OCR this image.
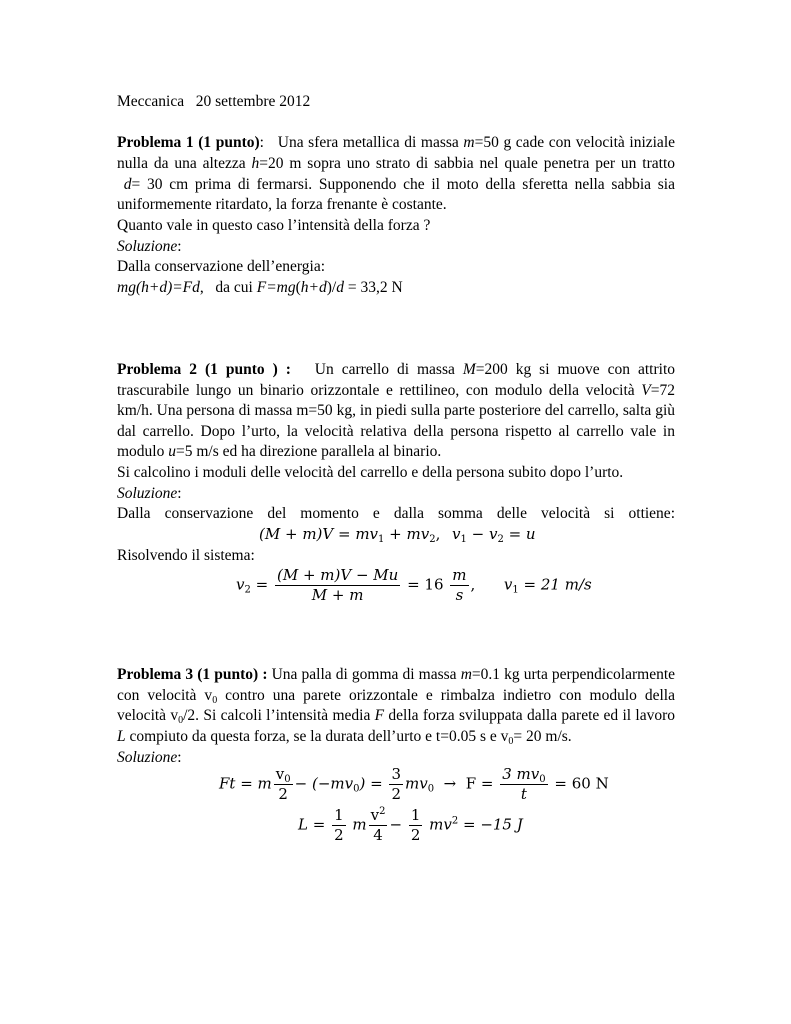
Meccanica   20 settembre 2012
Problema 1 (1 punto):   Una sfera metallica di massa m=50 g cade con velocità iniziale
nulla da una altezza h=20 m sopra uno strato di sabbia nel quale penetra per un tratto
d= 30 cm prima di fermarsi. Supponendo che il moto della sferetta nella sabbia sia
uniformemente ritardato, la forza frenante è costante.
Quanto vale in questo caso l’intensità della forza ?
Soluzione:
Dalla conservazione dell’energia:
mg(h+d)=Fd,   da cui F=mg(h+d)/d = 33,2 N
Problema 2 (1 punto ) : Un carrello di massa M=200 kg si muove con attrito
trascurabile lungo un binario orizzontale e rettilineo, con modulo della velocità V=72
km/h. Una persona di massa m=50 kg, in piedi sulla parte posteriore del carrello, salta giù
dal carrello. Dopo l’urto, la velocità relativa della persona rispetto al carrello vale in
modulo u=5 m/s ed ha direzione parallela al binario.
Si calcolino i moduli delle velocità del carrello e della persona subito dopo l’urto.
Soluzione:
Dalla conservazione del momento e dalla somma delle velocità si ottiene:
$(M + m)V = mv_1 + mv_2$, $v_1 - v_2 = u$
Risolvendo il sistema:
$v_2 = \frac{(M + m)V - Mu}{M + m} = 16 \frac{m}{s}$ , $v_1 = 21$ m/s
Problema 3 (1 punto) : Una palla di gomma di massa m=0.1 kg urta perpendicolarmente
con velocità $v_0$ contro una parete orizzontale e rimbalza indietro con modulo della
velocità $v_0/2$. Si calcoli l’intensità media F della forza sviluppata dalla parete ed il lavoro
L compiuto da questa forza, se la durata dell’urto e t=0.05 s e $v_0= 20$ m/s.
Soluzione:
Ft = m $\frac{v_0}{2} - (-mv_0) = \frac{3}{2} mv_0 \to F = \frac{3 mv_0}{t} = 60$ N
$L = \frac{1}{2}$ m $\frac{v^2}{4} - \frac{1}{2} mv^2 = -15$ J
